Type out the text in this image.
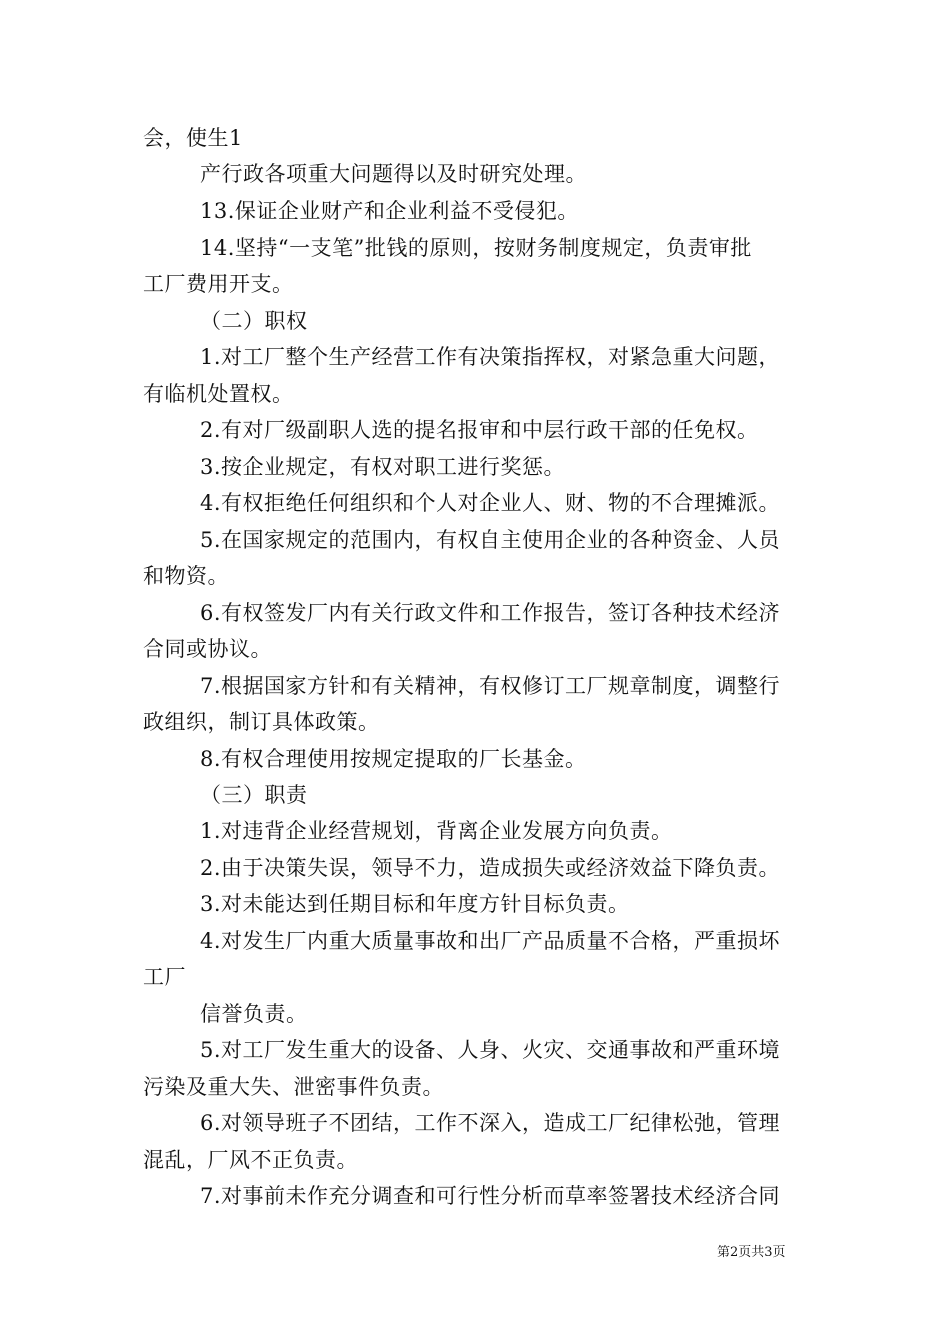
会，使生1
产行政各项重大问题得以及时研究处理。
13.保证企业财产和企业利益不受侵犯。
14.坚持“一支笔”批钱的原则，按财务制度规定，负责审批
工厂费用开支。
（二）职权
1.对工厂整个生产经营工作有决策指挥权，对紧急重大问题，
有临机处置权。
2.有对厂级副职人选的提名报审和中层行政干部的任免权。
3.按企业规定，有权对职工进行奖惩。
4.有权拒绝任何组织和个人对企业人、财、物的不合理摊派。
5.在国家规定的范围内，有权自主使用企业的各种资金、人员
和物资。
6.有权签发厂内有关行政文件和工作报告，签订各种技术经济
合同或协议。
7.根据国家方针和有关精神，有权修订工厂规章制度，调整行
政组织，制订具体政策。
8.有权合理使用按规定提取的厂长基金。
（三）职责
1.对违背企业经营规划，背离企业发展方向负责。
2.由于决策失误，领导不力，造成损失或经济效益下降负责。
3.对未能达到任期目标和年度方针目标负责。
4.对发生厂内重大质量事故和出厂产品质量不合格，严重损坏
工厂
信誉负责。
5.对工厂发生重大的设备、人身、火灾、交通事故和严重环境
污染及重大失、泄密事件负责。
6.对领导班子不团结，工作不深入，造成工厂纪律松弛，管理
混乱，厂风不正负责。
7.对事前未作充分调查和可行性分析而草率签署技术经济合同
第2页共3页
